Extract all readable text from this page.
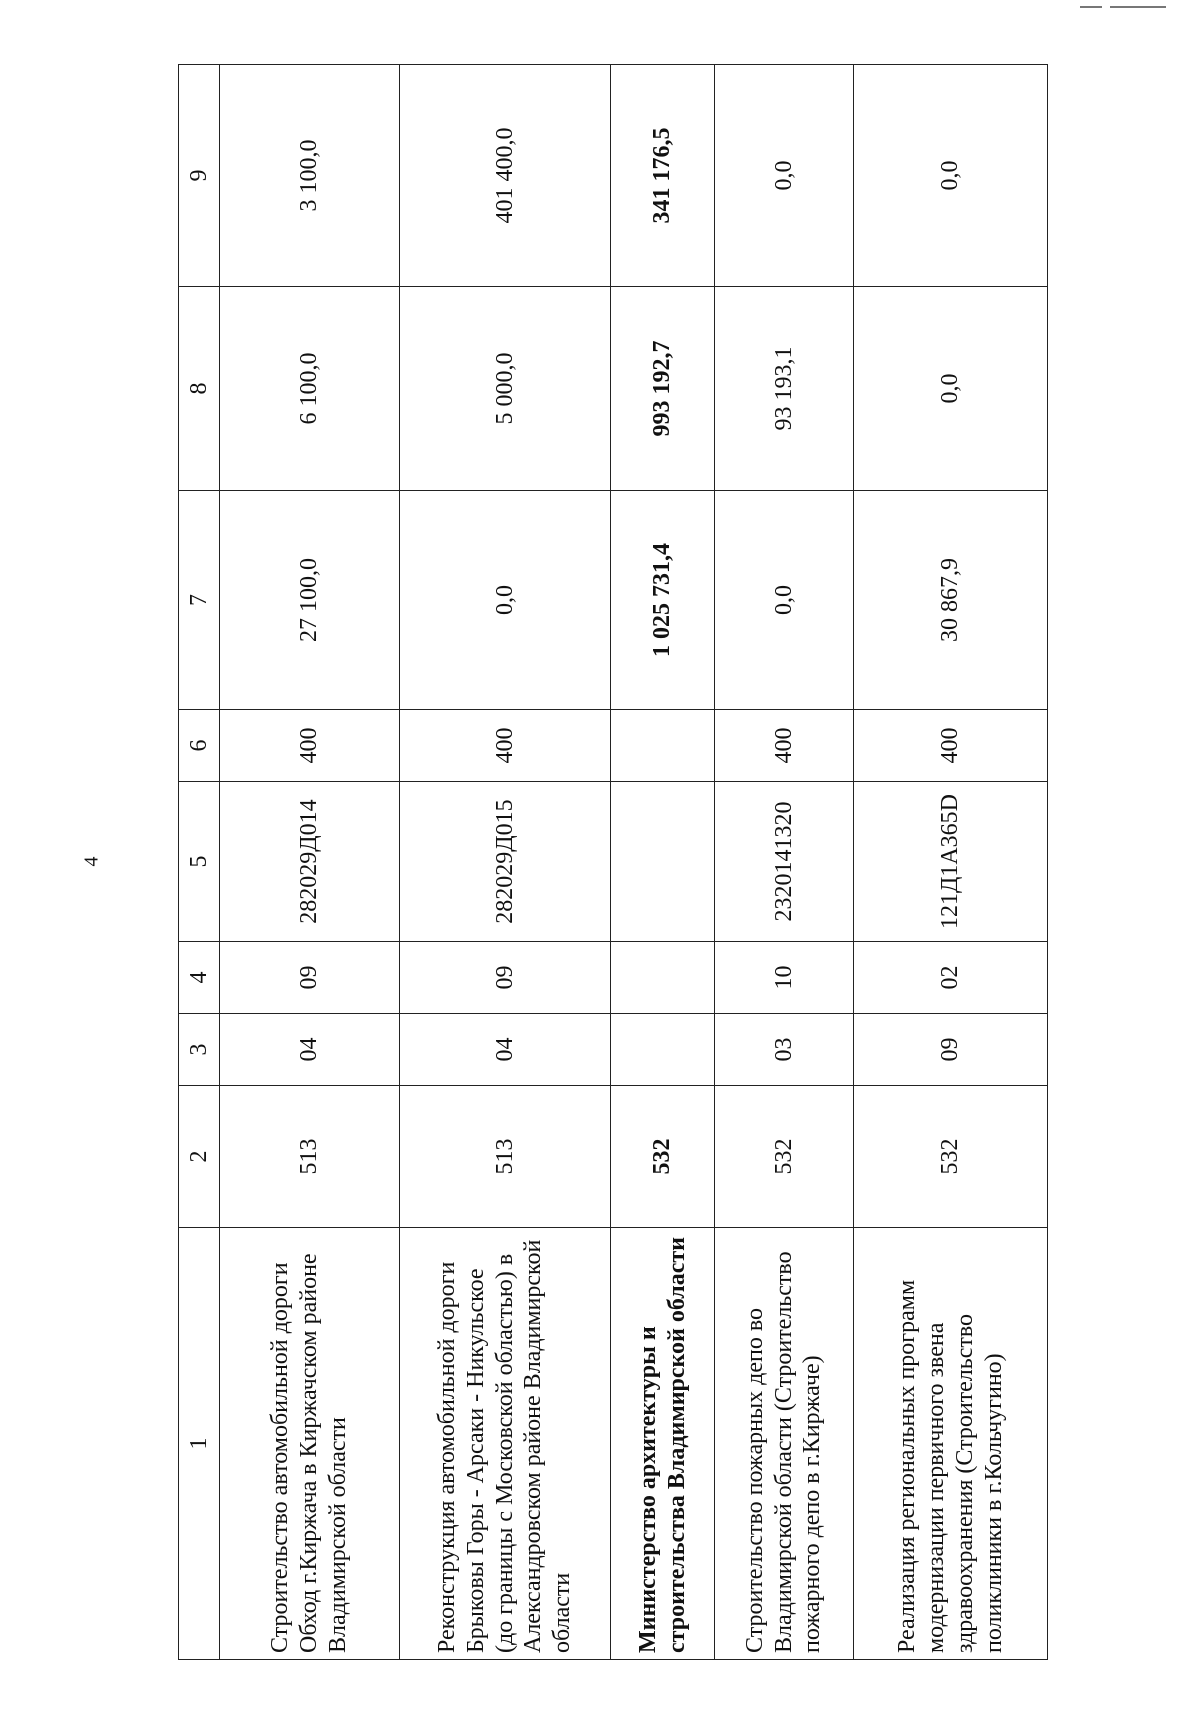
4
1	2	3	4	5	6	7	8	9
Строительство автомобильной дороги Обход г.Киржача в Киржачском районе Владимирской области	513	04	09	282029Д014	400	27 100,0	6 100,0	3 100,0
Реконструкция автомобильной дороги Брыковы Горы - Арсаки - Никульское (до границы с Московской областью) в Александровском районе Владимирской области	513	04	09	282029Д015	400	0,0	5 000,0	401 400,0
Министерство архитектуры и строительства Владимирской области	532					1 025 731,4	993 192,7	341 176,5
Строительство пожарных депо во Владимирской области (Строительство пожарного депо в г.Киржаче)	532	03	10	2320141320	400	0,0	93 193,1	0,0
Реализация региональных программ модернизации первичного звена здравоохранения (Строительство поликлиники в г.Кольчугино)	532	09	02	121Д1А365D	400	30 867,9	0,0	0,0
